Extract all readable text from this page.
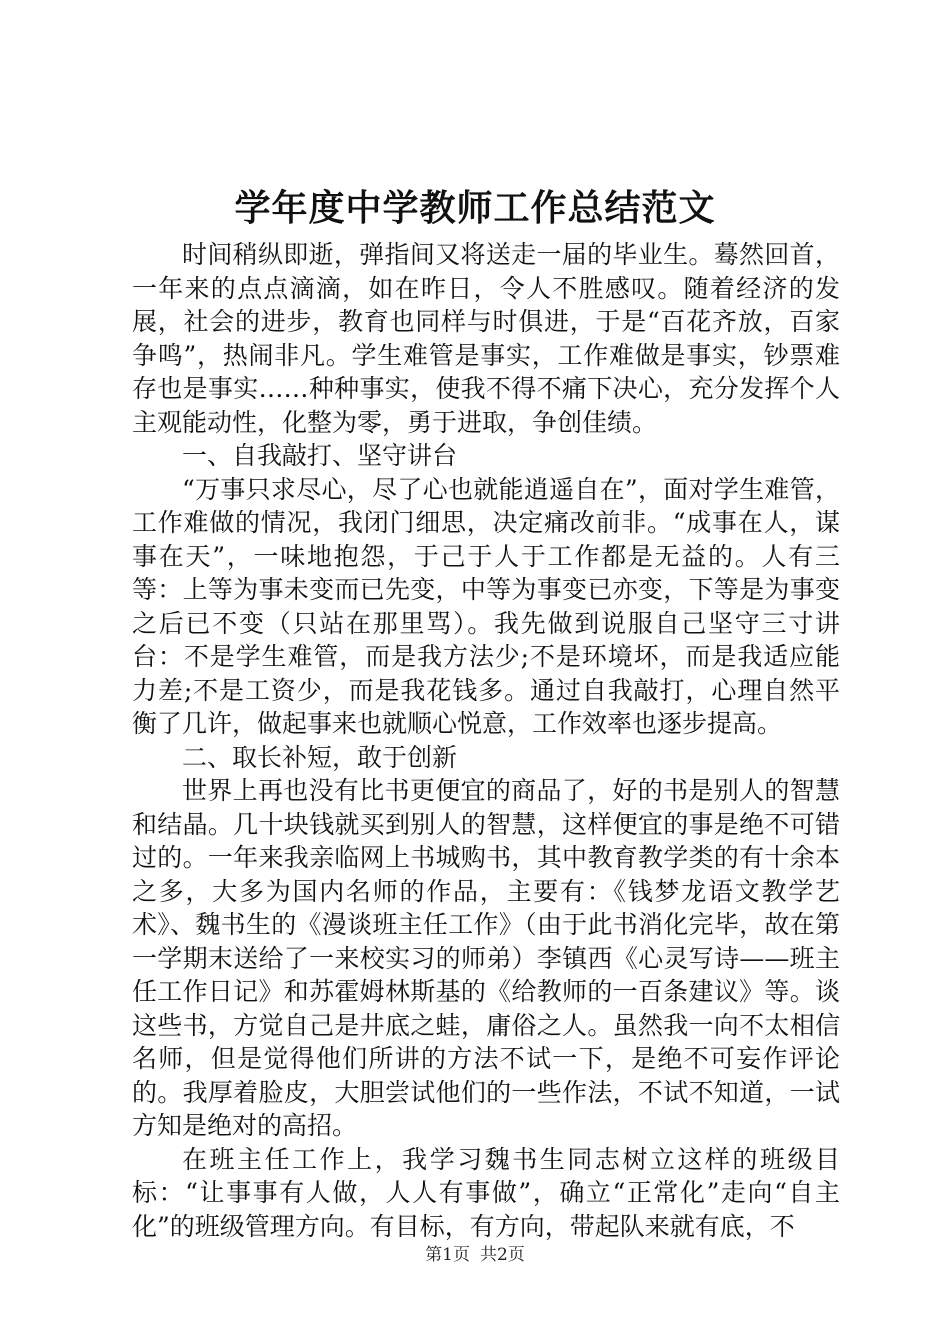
学年度中学教师工作总结范文

时间稍纵即逝，弹指间又将送走一届的毕业生。蓦然回首，一年来的点点滴滴，如在昨日，令人不胜感叹。随着经济的发展，社会的进步，教育也同样与时俱进，于是“百花齐放，百家争鸣”，热闹非凡。学生难管是事实，工作难做是事实，钞票难存也是事实……种种事实，使我不得不痛下决心，充分发挥个人主观能动性，化整为零，勇于进取，争创佳绩。

一、自我敲打、坚守讲台

“万事只求尽心，尽了心也就能逍遥自在”，面对学生难管，工作难做的情况，我闭门细思，决定痛改前非。“成事在人，谋事在天”，一味地抱怨，于己于人于工作都是无益的。人有三等：上等为事未变而已先变，中等为事变已亦变，下等是为事变之后已不变（只站在那里骂）。我先做到说服自己坚守三寸讲台：不是学生难管，而是我方法少;不是环境坏，而是我适应能力差;不是工资少，而是我花钱多。通过自我敲打，心理自然平衡了几许，做起事来也就顺心悦意，工作效率也逐步提高。

二、取长补短，敢于创新

世界上再也没有比书更便宜的商品了，好的书是别人的智慧和结晶。几十块钱就买到别人的智慧，这样便宜的事是绝不可错过的。一年来我亲临网上书城购书，其中教育教学类的有十余本之多，大多为国内名师的作品，主要有：《钱梦龙语文教学艺术》、魏书生的《漫谈班主任工作》（由于此书消化完毕，故在第一学期末送给了一来校实习的师弟）李镇西《心灵写诗——班主任工作日记》和苏霍姆林斯基的《给教师的一百条建议》等。谈这些书，方觉自己是井底之蛙，庸俗之人。虽然我一向不太相信名师，但是觉得他们所讲的方法不试一下，是绝不可妄作评论的。我厚着脸皮，大胆尝试他们的一些作法，不试不知道，一试方知是绝对的高招。

在班主任工作上，我学习魏书生同志树立这样的班级目标：“让事事有人做，人人有事做”，确立“正常化”走向“自主化”的班级管理方向。有目标，有方向，带起队来就有底，不

第1页 共2页
